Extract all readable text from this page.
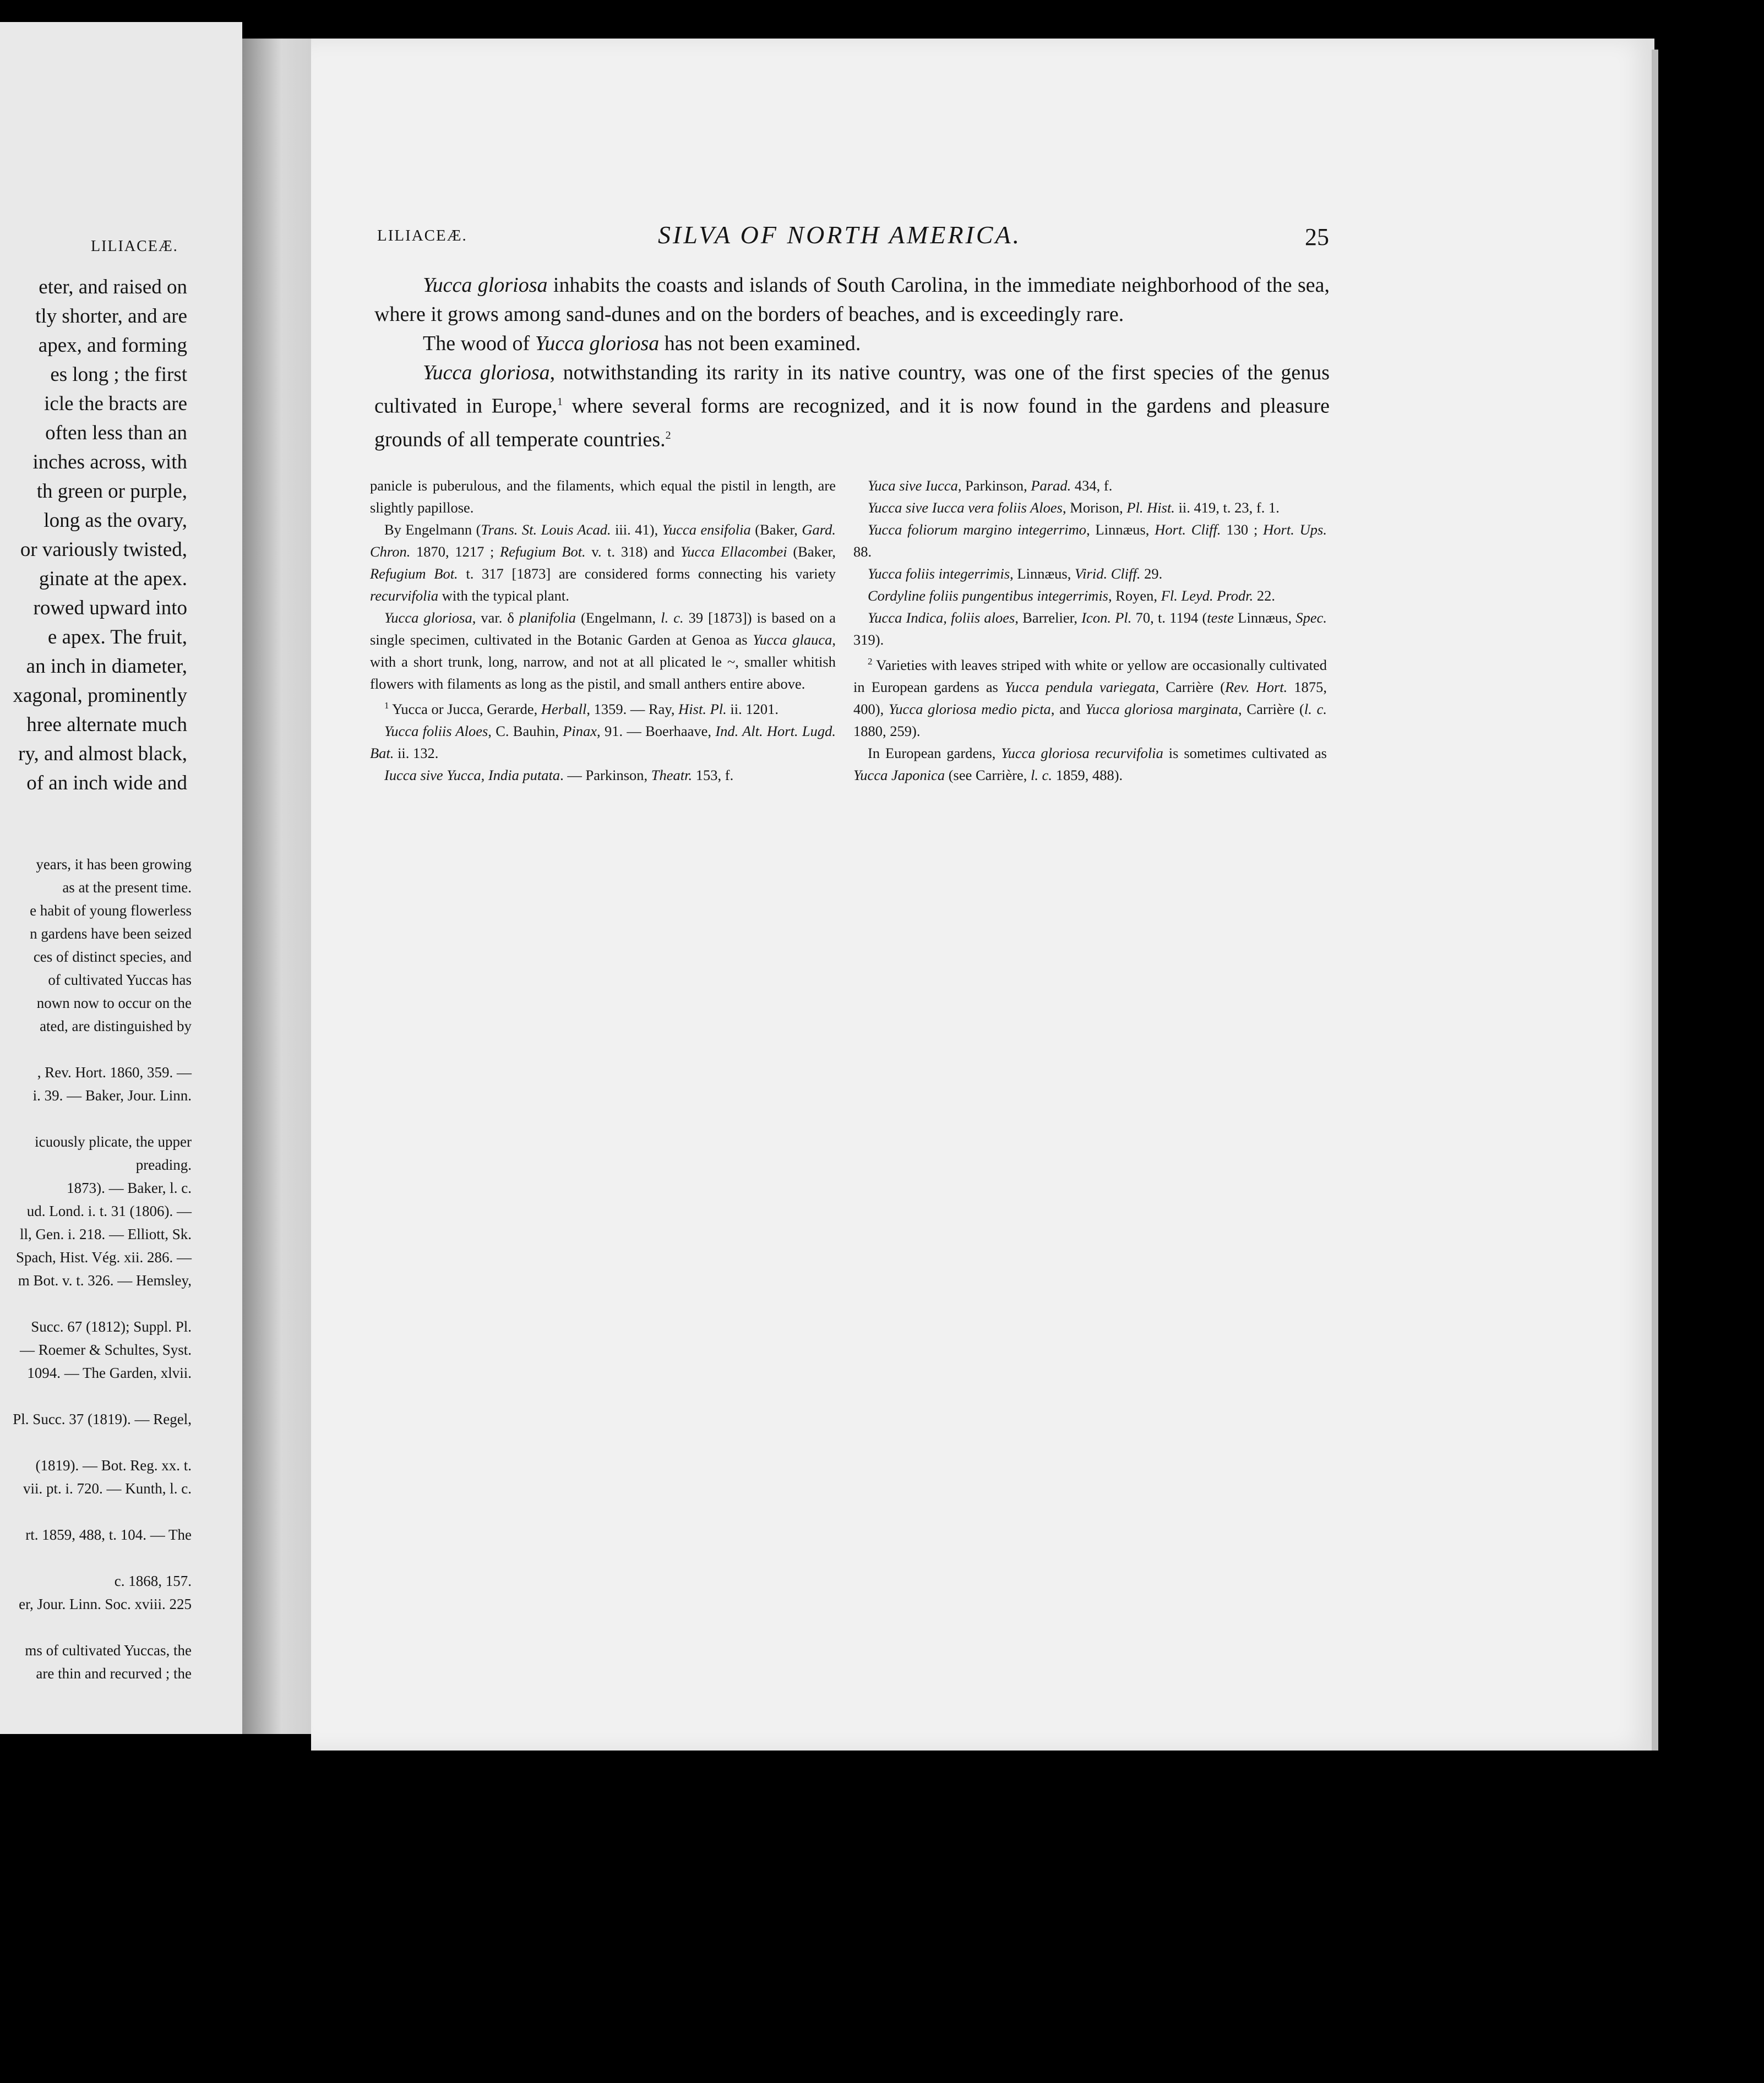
LILIACEÆ.
eter, and raised on
tly shorter, and are
apex, and forming
es long ; the first
icle the bracts are
often less than an
inches across, with
th green or purple,
long as the ovary,
or variously twisted,
ginate at the apex.
rowed upward into
e apex. The fruit,
an inch in diameter,
xagonal, prominently
hree alternate much
ry, and almost black,
of an inch wide and
years, it has been growing
as at the present time.
e habit of young flowerless
n gardens have been seized
ces of distinct species, and
of cultivated Yuccas has
nown now to occur on the
ated, are distinguished by
, Rev. Hort. 1860, 359. —
i. 39. — Baker, Jour. Linn.
icuously plicate, the upper
preading.
1873). — Baker, l. c.
ud. Lond. i. t. 31 (1806). —
ll, Gen. i. 218. — Elliott, Sk.
Spach, Hist. Vég. xii. 286. —
m Bot. v. t. 326. — Hemsley,
Succ. 67 (1812); Suppl. Pl.
— Roemer & Schultes, Syst.
1094. — The Garden, xlvii.
Pl. Succ. 37 (1819). — Regel,
(1819). — Bot. Reg. xx. t.
vii. pt. i. 720. — Kunth, l. c.
rt. 1859, 488, t. 104. — The
c. 1868, 157.
er, Jour. Linn. Soc. xviii. 225
ms of cultivated Yuccas, the
are thin and recurved ; the
LILIACEÆ.	SILVA OF NORTH AMERICA.	25
Yucca gloriosa inhabits the coasts and islands of South Carolina, in the immediate neighborhood of the sea, where it grows among sand-dunes and on the borders of beaches, and is exceedingly rare.
The wood of Yucca gloriosa has not been examined.
Yucca gloriosa, notwithstanding its rarity in its native country, was one of the first species of the genus cultivated in Europe,$^1$ where several forms are recognized, and it is now found in the gardens and pleasure grounds of all temperate countries.$^2$

panicle is puberulous, and the filaments, which equal the pistil in length, are slightly papillose.

By Engelmann (Trans. St. Louis Acad. iii. 41), Yucca ensifolia (Baker, Gard. Chron. 1870, 1217 ; Refugium Bot. v. t. 318) and Yucca Ellacombei (Baker, Refugium Bot. t. 317 [1873] are considered forms connecting his variety recurvifolia with the typical plant.

Yucca gloriosa, var. δ planifolia (Engelmann, l. c. 39 [1873]) is based on a single specimen, cultivated in the Botanic Garden at Genoa as Yucca glauca, with a short trunk, long, narrow, and not at all plicated le⁠ ⁠~, smaller whitish flowers with filaments as long as the pistil, and small anthers entire above.

$^1$ Yucca or Jucca, Gerarde, Herball, 1359. — Ray, Hist. Pl. ii. 1201.

Yucca foliis Aloes, C. Bauhin, Pinax, 91. — Boerhaave, Ind. Alt. Hort. Lugd. Bat. ii. 132.

Iucca sive Yucca, India putata. — Parkinson, Theatr. 153, f.

Yuca sive Iucca, Parkinson, Parad. 434, f.

Yucca sive Iucca vera foliis Aloes, Morison, Pl. Hist. ii. 419, t. 23, f. 1.

Yucca foliorum margino integerrimo, Linnæus, Hort. Cliff. 130 ; Hort. Ups. 88.

Yucca foliis integerrimis, Linnæus, Virid. Cliff. 29.

Cordyline foliis pungentibus integerrimis, Royen, Fl. Leyd. Prodr. 22.

Yucca Indica, foliis aloes, Barrelier, Icon. Pl. 70, t. 1194 (teste Linnæus, Spec. 319).

$^2$ Varieties with leaves striped with white or yellow are occasionally cultivated in European gardens as Yucca pendula variegata, Carrière (Rev. Hort. 1875, 400), Yucca gloriosa medio picta, and Yucca gloriosa marginata, Carrière (l. c. 1880, 259).

In European gardens, Yucca gloriosa recurvifolia is sometimes cultivated as Yucca Japonica (see Carrière, l. c. 1859, 488).
